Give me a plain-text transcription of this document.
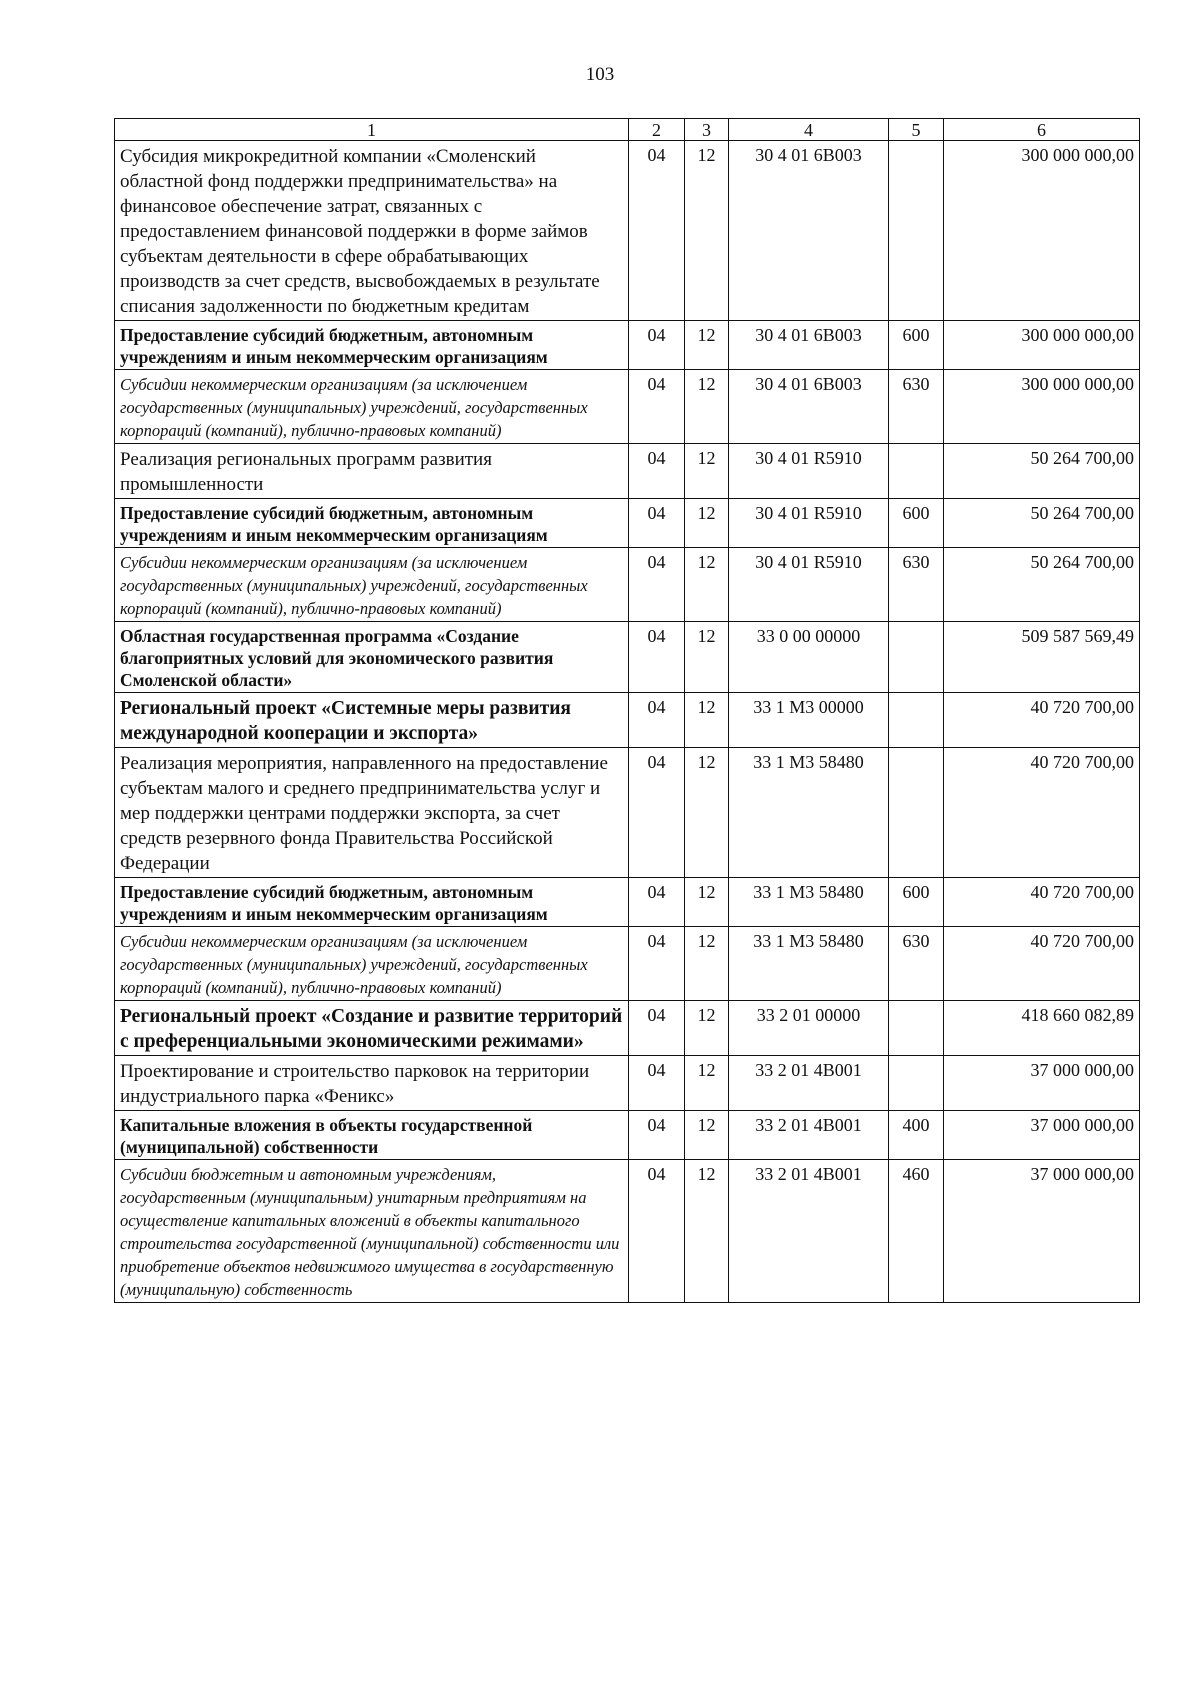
103
1	2	3	4	5	6
Субсидия микрокредитной компании «Смоленский областной фонд поддержки предпринимательства» на финансовое обеспечение затрат, связанных с предоставлением финансовой поддержки в форме займов субъектам деятельности в сфере обрабатывающих производств за счет средств, высвобождаемых в результате списания задолженности по бюджетным кредитам	04	12	30 4 01 6В003		300 000 000,00
Предоставление субсидий бюджетным, автономным учреждениям и иным некоммерческим организациям	04	12	30 4 01 6В003	600	300 000 000,00
Субсидии некоммерческим организациям (за исключением государственных (муниципальных) учреждений, государственных корпораций (компаний), публично-правовых компаний)	04	12	30 4 01 6В003	630	300 000 000,00
Реализация региональных программ развития промышленности	04	12	30 4 01 R5910		50 264 700,00
Предоставление субсидий бюджетным, автономным учреждениям и иным некоммерческим организациям	04	12	30 4 01 R5910	600	50 264 700,00
Субсидии некоммерческим организациям (за исключением государственных (муниципальных) учреждений, государственных корпораций (компаний), публично-правовых компаний)	04	12	30 4 01 R5910	630	50 264 700,00
Областная государственная программа «Создание благоприятных условий для экономического развития Смоленской области»	04	12	33 0 00 00000		509 587 569,49
Региональный проект «Системные меры развития международной кооперации и экспорта»	04	12	33 1 M3 00000		40 720 700,00
Реализация мероприятия, направленного на предоставление субъектам малого и среднего предпринимательства услуг и мер поддержки центрами поддержки экспорта, за счет средств резервного фонда Правительства Российской Федерации	04	12	33 1 M3 58480		40 720 700,00
Предоставление субсидий бюджетным, автономным учреждениям и иным некоммерческим организациям	04	12	33 1 M3 58480	600	40 720 700,00
Субсидии некоммерческим организациям (за исключением государственных (муниципальных) учреждений, государственных корпораций (компаний), публично-правовых компаний)	04	12	33 1 M3 58480	630	40 720 700,00
Региональный проект «Создание и развитие территорий с преференциальными экономическими режимами»	04	12	33 2 01 00000		418 660 082,89
Проектирование и строительство парковок на территории индустриального парка «Феникс»	04	12	33 2 01 4В001		37 000 000,00
Капитальные вложения в объекты государственной (муниципальной) собственности	04	12	33 2 01 4В001	400	37 000 000,00
Субсидии бюджетным и автономным учреждениям, государственным (муниципальным) унитарным предприятиям на осуществление капитальных вложений в объекты капитального строительства государственной (муниципальной) собственности или приобретение объектов недвижимого имущества в государственную (муниципальную) собственность	04	12	33 2 01 4В001	460	37 000 000,00
